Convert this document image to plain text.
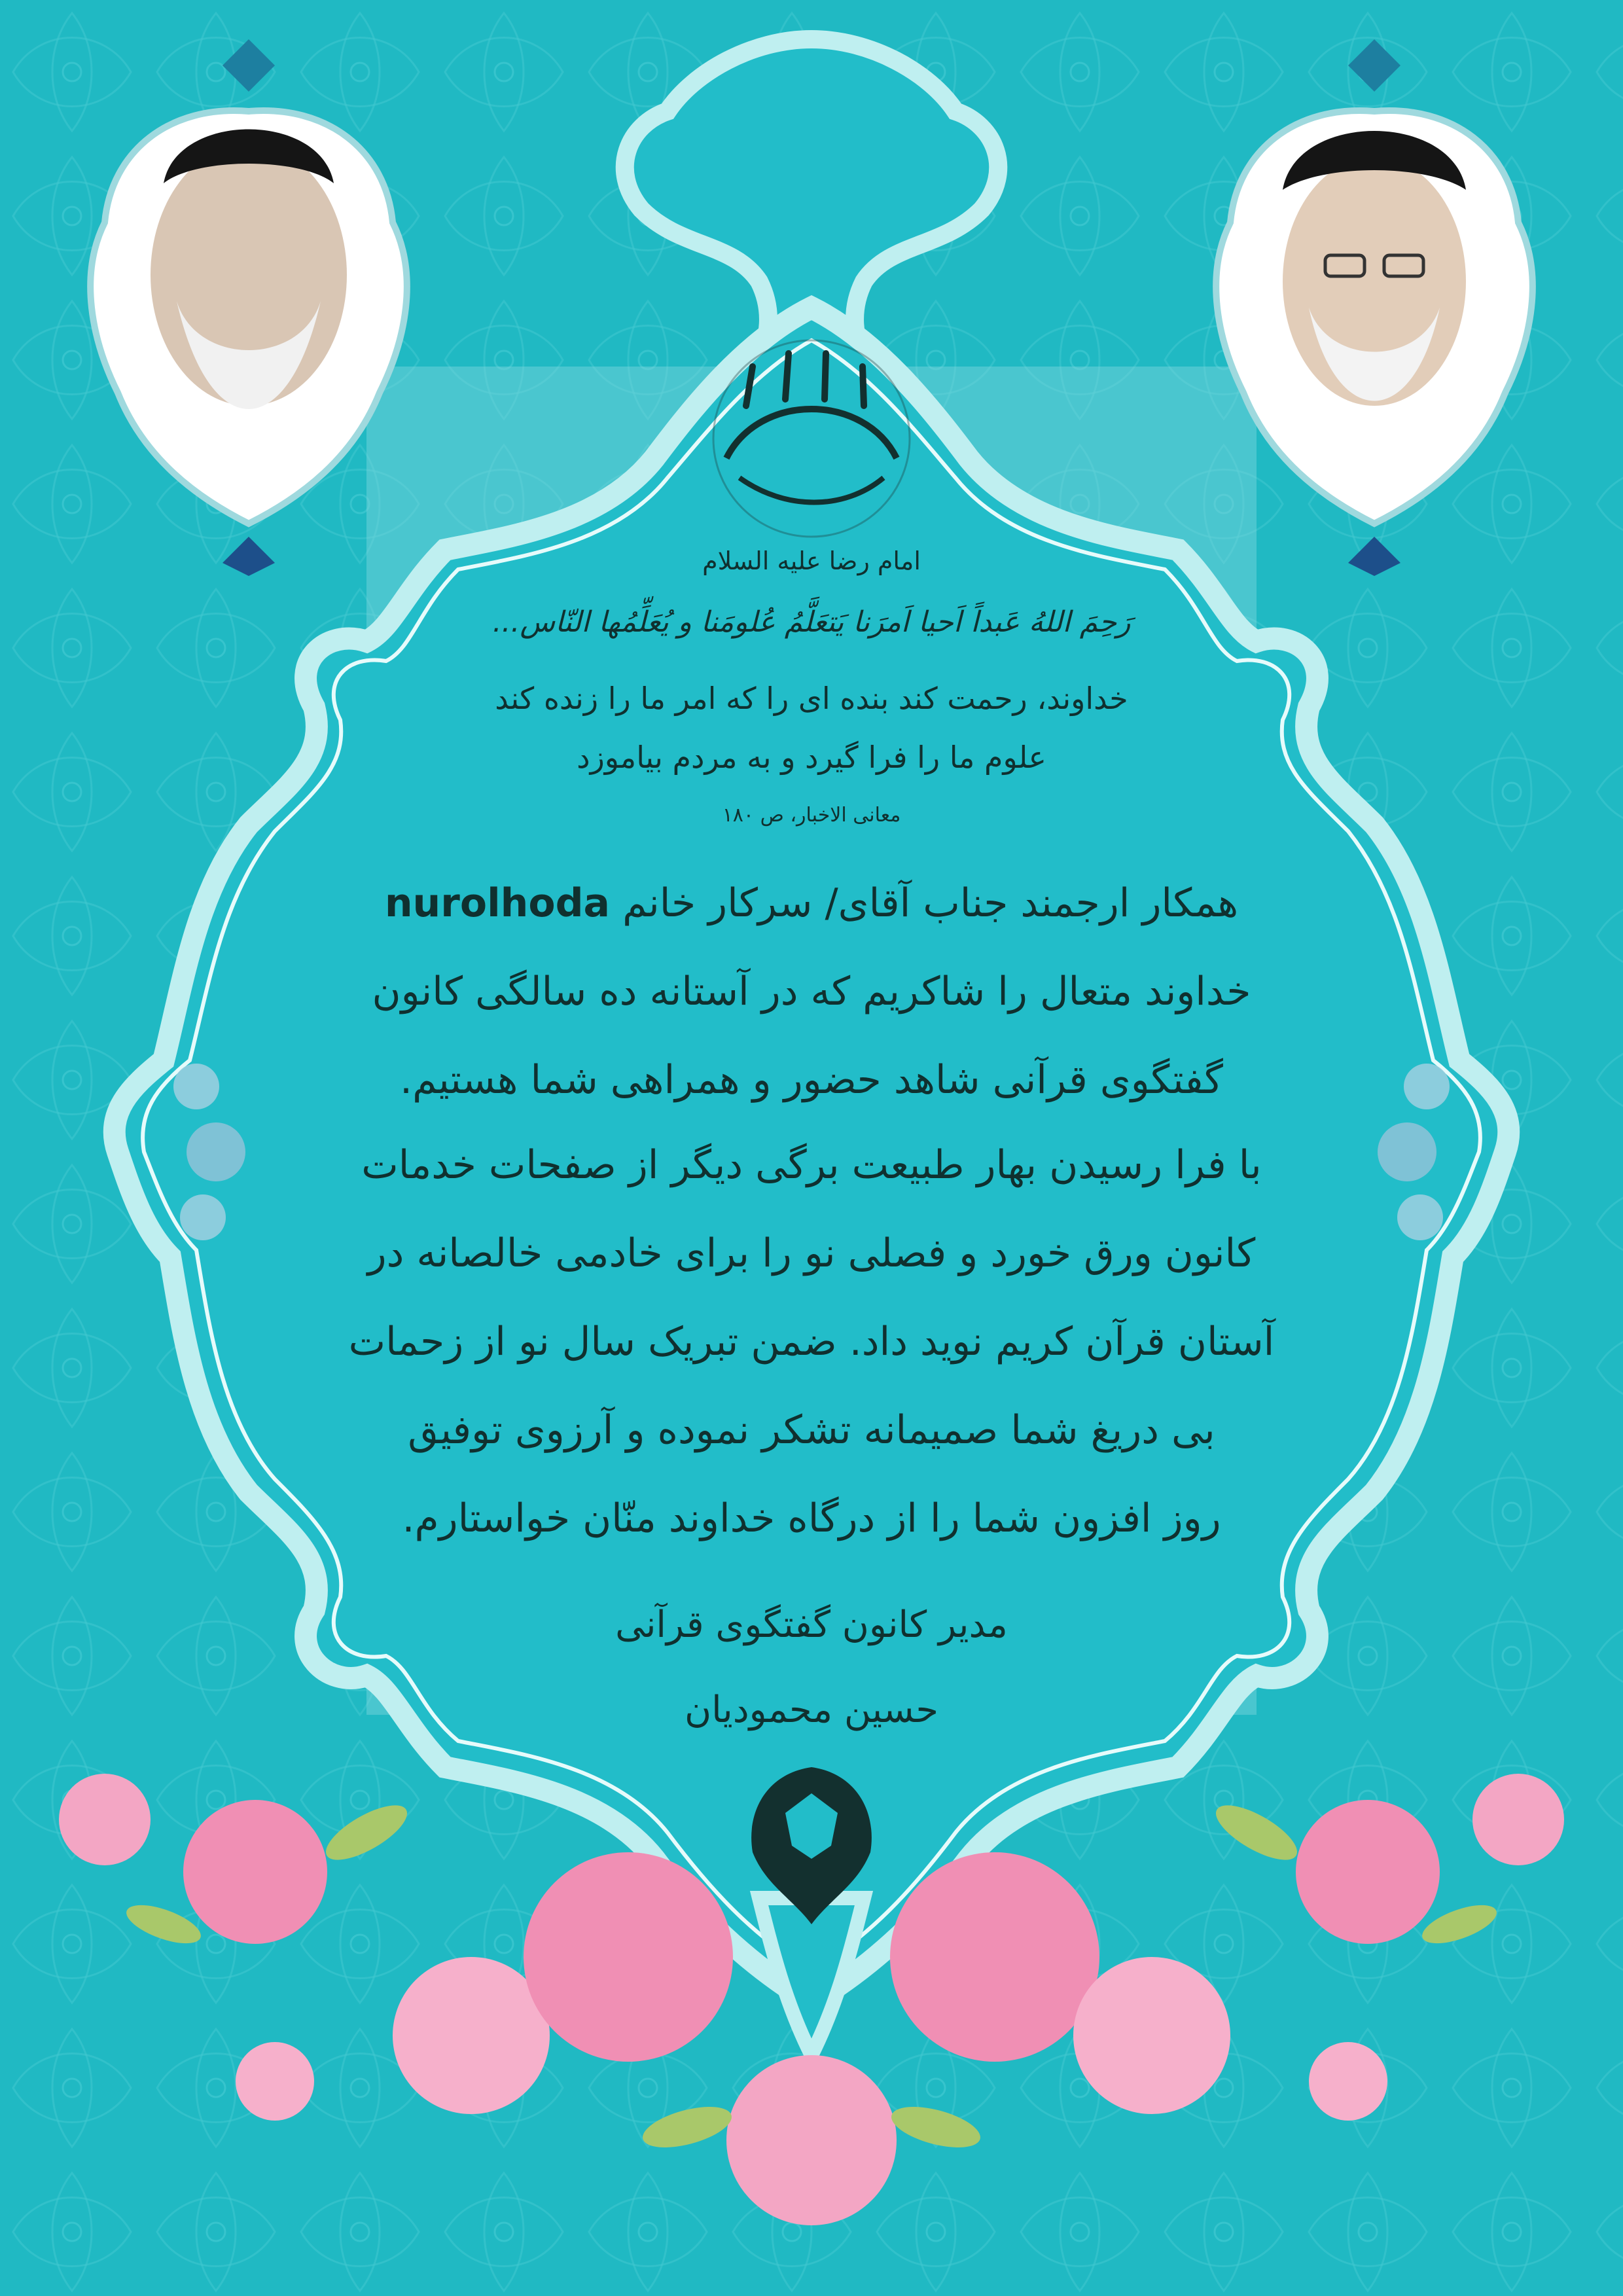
امام رضا علیه السلام
رَحِمَ اللهُ عَبداً اَحیا اَمرَنا یَتعَلَّمُ عُلومَنا و یُعَلِّمُها النّاس...
خداوند، رحمت کند بنده ای را که امر ما را زنده کند
علوم ما را فرا گیرد و به مردم بیاموزد
معانی الاخبار، ص ۱۸۰
همکار ارجمند جناب آقای/ سرکار خانم nurolhoda
خداوند متعال را شاکریم که در آستانه ده سالگی کانون
گفتگوی قرآنی شاهد حضور و همراهی شما هستیم.
با فرا رسیدن بهار طبیعت برگی دیگر از صفحات خدمات
کانون ورق خورد و فصلی نو را برای خادمی خالصانه در
آستان قرآن کریم نوید داد. ضمن تبریک سال نو از زحمات
بی دریغ شما صمیمانه تشکر نموده و آرزوی توفیق
روز افزون شما را از درگاه خداوند منّان خواستارم.
مدیر کانون گفتگوی قرآنی
حسین محمودیان
